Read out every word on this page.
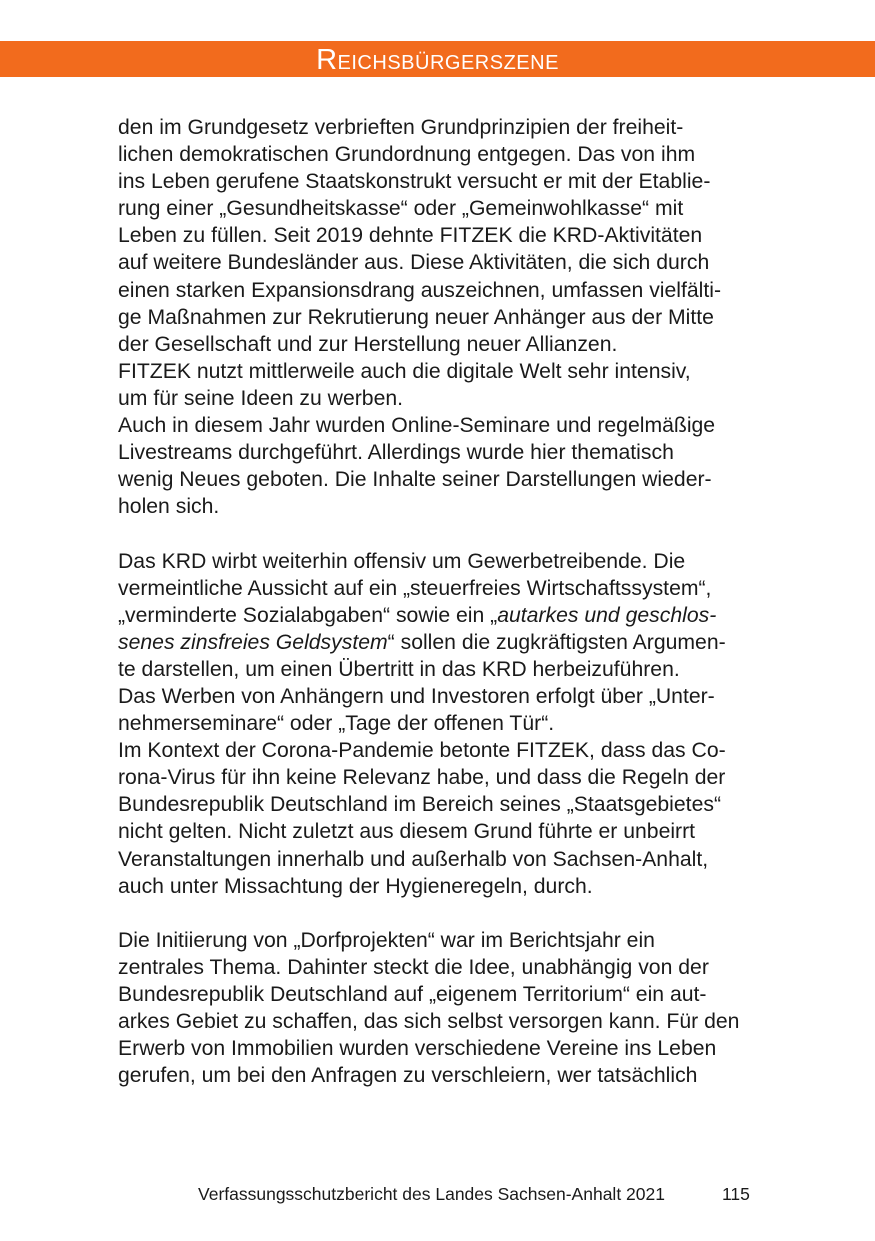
Reichsbürgerszene
den im Grundgesetz verbrieften Grundprinzipien der freiheit-
lichen demokratischen Grundordnung entgegen. Das von ihm
ins Leben gerufene Staatskonstrukt versucht er mit der Etablie-
rung einer „Gesundheitskasse“ oder „Gemeinwohlkasse“ mit
Leben zu füllen. Seit 2019 dehnte FITZEK die KRD-Aktivitäten
auf weitere Bundesländer aus. Diese Aktivitäten, die sich durch
einen starken Expansionsdrang auszeichnen, umfassen vielfälti-
ge Maßnahmen zur Rekrutierung neuer Anhänger aus der Mitte
der Gesellschaft und zur Herstellung neuer Allianzen.
FITZEK nutzt mittlerweile auch die digitale Welt sehr intensiv,
um für seine Ideen zu werben.
Auch in diesem Jahr wurden Online-Seminare und regelmäßige
Livestreams durchgeführt. Allerdings wurde hier thematisch
wenig Neues geboten. Die Inhalte seiner Darstellungen wieder-
holen sich.
Das KRD wirbt weiterhin offensiv um Gewerbetreibende. Die
vermeintliche Aussicht auf ein „steuerfreies Wirtschaftssystem“,
„verminderte Sozialabgaben“ sowie ein „autarkes und geschlos-
senes zinsfreies Geldsystem“ sollen die zugkräftigsten Argumen-
te darstellen, um einen Übertritt in das KRD herbeizuführen.
Das Werben von Anhängern und Investoren erfolgt über „Unter-
nehmerseminare“ oder „Tage der offenen Tür“.
Im Kontext der Corona-Pandemie betonte FITZEK, dass das Co-
rona-Virus für ihn keine Relevanz habe, und dass die Regeln der
Bundesrepublik Deutschland im Bereich seines „Staatsgebietes“
nicht gelten. Nicht zuletzt aus diesem Grund führte er unbeirrt
Veranstaltungen innerhalb und außerhalb von Sachsen-Anhalt,
auch unter Missachtung der Hygieneregeln, durch.
Die Initiierung von „Dorfprojekten“ war im Berichtsjahr ein
zentrales Thema. Dahinter steckt die Idee, unabhängig von der
Bundesrepublik Deutschland auf „eigenem Territorium“ ein aut-
arkes Gebiet zu schaffen, das sich selbst versorgen kann. Für den
Erwerb von Immobilien wurden verschiedene Vereine ins Leben
gerufen, um bei den Anfragen zu verschleiern, wer tatsächlich
Verfassungsschutzbericht des Landes Sachsen-Anhalt 2021	115
